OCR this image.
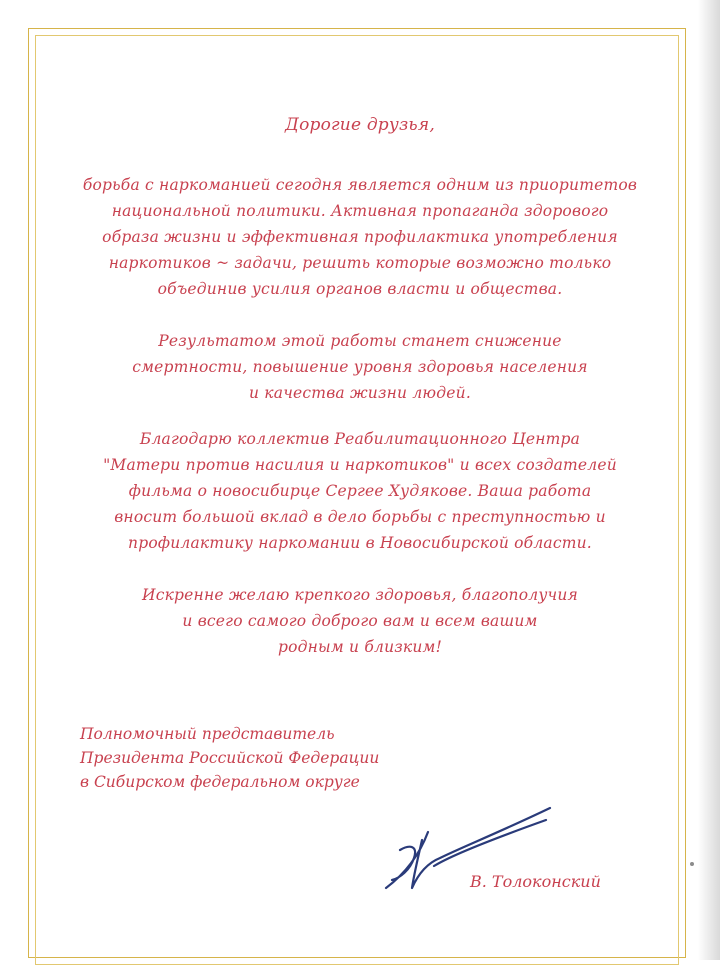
Дорогие друзья,
борьба с наркоманией сегодня является одним из приоритетов
национальной политики. Активная пропаганда здорового
образа жизни и эффективная профилактика употребления
наркотиков ~ задачи, решить которые возможно только
объединив усилия органов власти и общества.
Результатом этой работы станет снижение
смертности, повышение уровня здоровья населения
и качества жизни людей.
Благодарю коллектив Реабилитационного Центра
"Матери против насилия и наркотиков" и всех создателей
фильма о новосибирце Сергее Худякове. Ваша работа
вносит большой вклад в дело борьбы с преступностью и
профилактику наркомании в Новосибирской области.
Искренне желаю крепкого здоровья, благополучия
и всего самого доброго вам и всем вашим
родным и близким!
Полномочный представитель
Президента Российской Федерации
в Сибирском федеральном округе
В. Толоконский
